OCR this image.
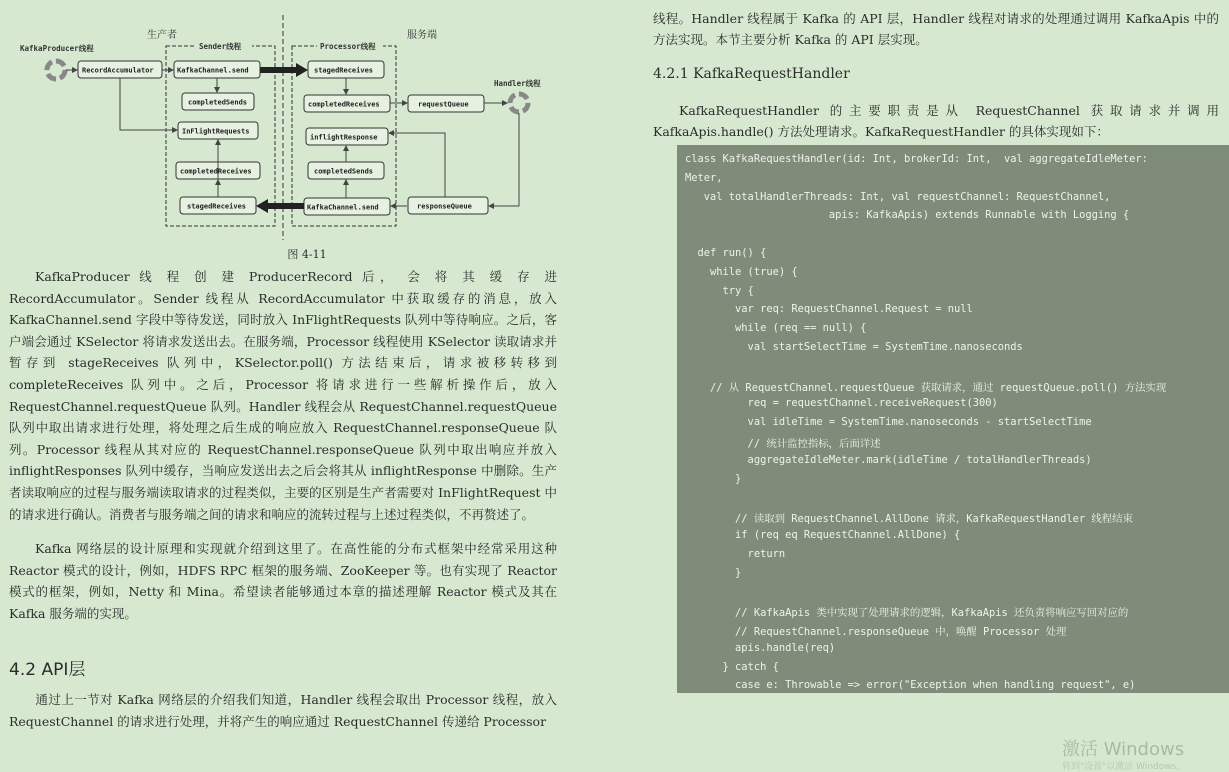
生产者	服务端
KafkaProducer线程	Sender线程	Processor线程
Handler线程
RecordAccumulator	KafkaChannel.send
completedSends
InFlightRequests
completedReceives
stagedReceives
stagedReceives
completedReceives
inflightResponse
completedSends
KafkaChannel.send
requestQueue
responseQueue
图 4-11

KafkaProducer 线 程 创 建 ProducerRecord 后， 会 将 其 缓 存 进 RecordAccumulator。Sender 线程从 RecordAccumulator 中获取缓存的消息，放入 KafkaChannel.send 字段中等待发送，同时放入 InFlightRequests 队列中等待响应。之后，客户端会通过 KSelector 将请求发送出去。在服务端，Processor 线程使用 KSelector 读取请求并暂存到 stageReceives 队列中，KSelector.poll() 方法结束后，请求被移转移到 completeReceives 队列中。之后，Processor 将请求进行一些解析操作后，放入 RequestChannel.requestQueue 队列。Handler 线程会从 RequestChannel.requestQueue 队列中取出请求进行处理，将处理之后生成的响应放入 RequestChannel.responseQueue 队列。Processor 线程从其对应的 RequestChannel.responseQueue 队列中取出响应并放入 inflightResponses 队列中缓存，当响应发送出去之后会将其从 inflightResponse 中删除。生产者读取响应的过程与服务端读取请求的过程类似，主要的区别是生产者需要对 InFlightRequest 中的请求进行确认。消费者与服务端之间的请求和响应的流转过程与上述过程类似，不再赘述了。

Kafka 网络层的设计原理和实现就介绍到这里了。在高性能的分布式框架中经常采用这种 Reactor 模式的设计，例如，HDFS RPC 框架的服务端、ZooKeeper 等。也有实现了 Reactor 模式的框架，例如，Netty 和 Mina。希望读者能够通过本章的描述理解 Reactor 模式及其在 Kafka 服务端的实现。

4.2 API层

通过上一节对 Kafka 网络层的介绍我们知道，Handler 线程会取出 Processor 线程，放入 RequestChannel 的请求进行处理，并将产生的响应通过 RequestChannel 传递给 Processor

线程。Handler 线程属于 Kafka 的 API 层，Handler 线程对请求的处理通过调用 KafkaApis 中的方法实现。本节主要分析 Kafka 的 API 层实现。

4.2.1 KafkaRequestHandler

KafkaRequestHandler 的主要职责是从 RequestChannel 获取请求并调用 KafkaApis.handle() 方法处理请求。KafkaRequestHandler 的具体实现如下：

class KafkaRequestHandler(id: Int, brokerId: Int,  val aggregateIdleMeter:
Meter,
val totalHandlerThreads: Int, val requestChannel: RequestChannel,
apis: KafkaApis) extends Runnable with Logging {
def run() {
while (true) {
try {
var req: RequestChannel.Request = null
while (req == null) {
val startSelectTime = SystemTime.nanoseconds
// 从 RequestChannel.requestQueue 获取请求，通过 requestQueue.poll() 方法实现
req = requestChannel.receiveRequest(300)
val idleTime = SystemTime.nanoseconds - startSelectTime
// 统计监控指标，后面详述
aggregateIdleMeter.mark(idleTime / totalHandlerThreads)
}
// 读取到 RequestChannel.AllDone 请求，KafkaRequestHandler 线程结束
if (req eq RequestChannel.AllDone) {
return
}
// KafkaApis 类中实现了处理请求的逻辑，KafkaApis 还负责将响应写回对应的
// RequestChannel.responseQueue 中，唤醒 Processor 处理
apis.handle(req)
} catch {
case e: Throwable => error("Exception when handling request", e)
激活 Windows
转到"设置"以激活 Windows。
